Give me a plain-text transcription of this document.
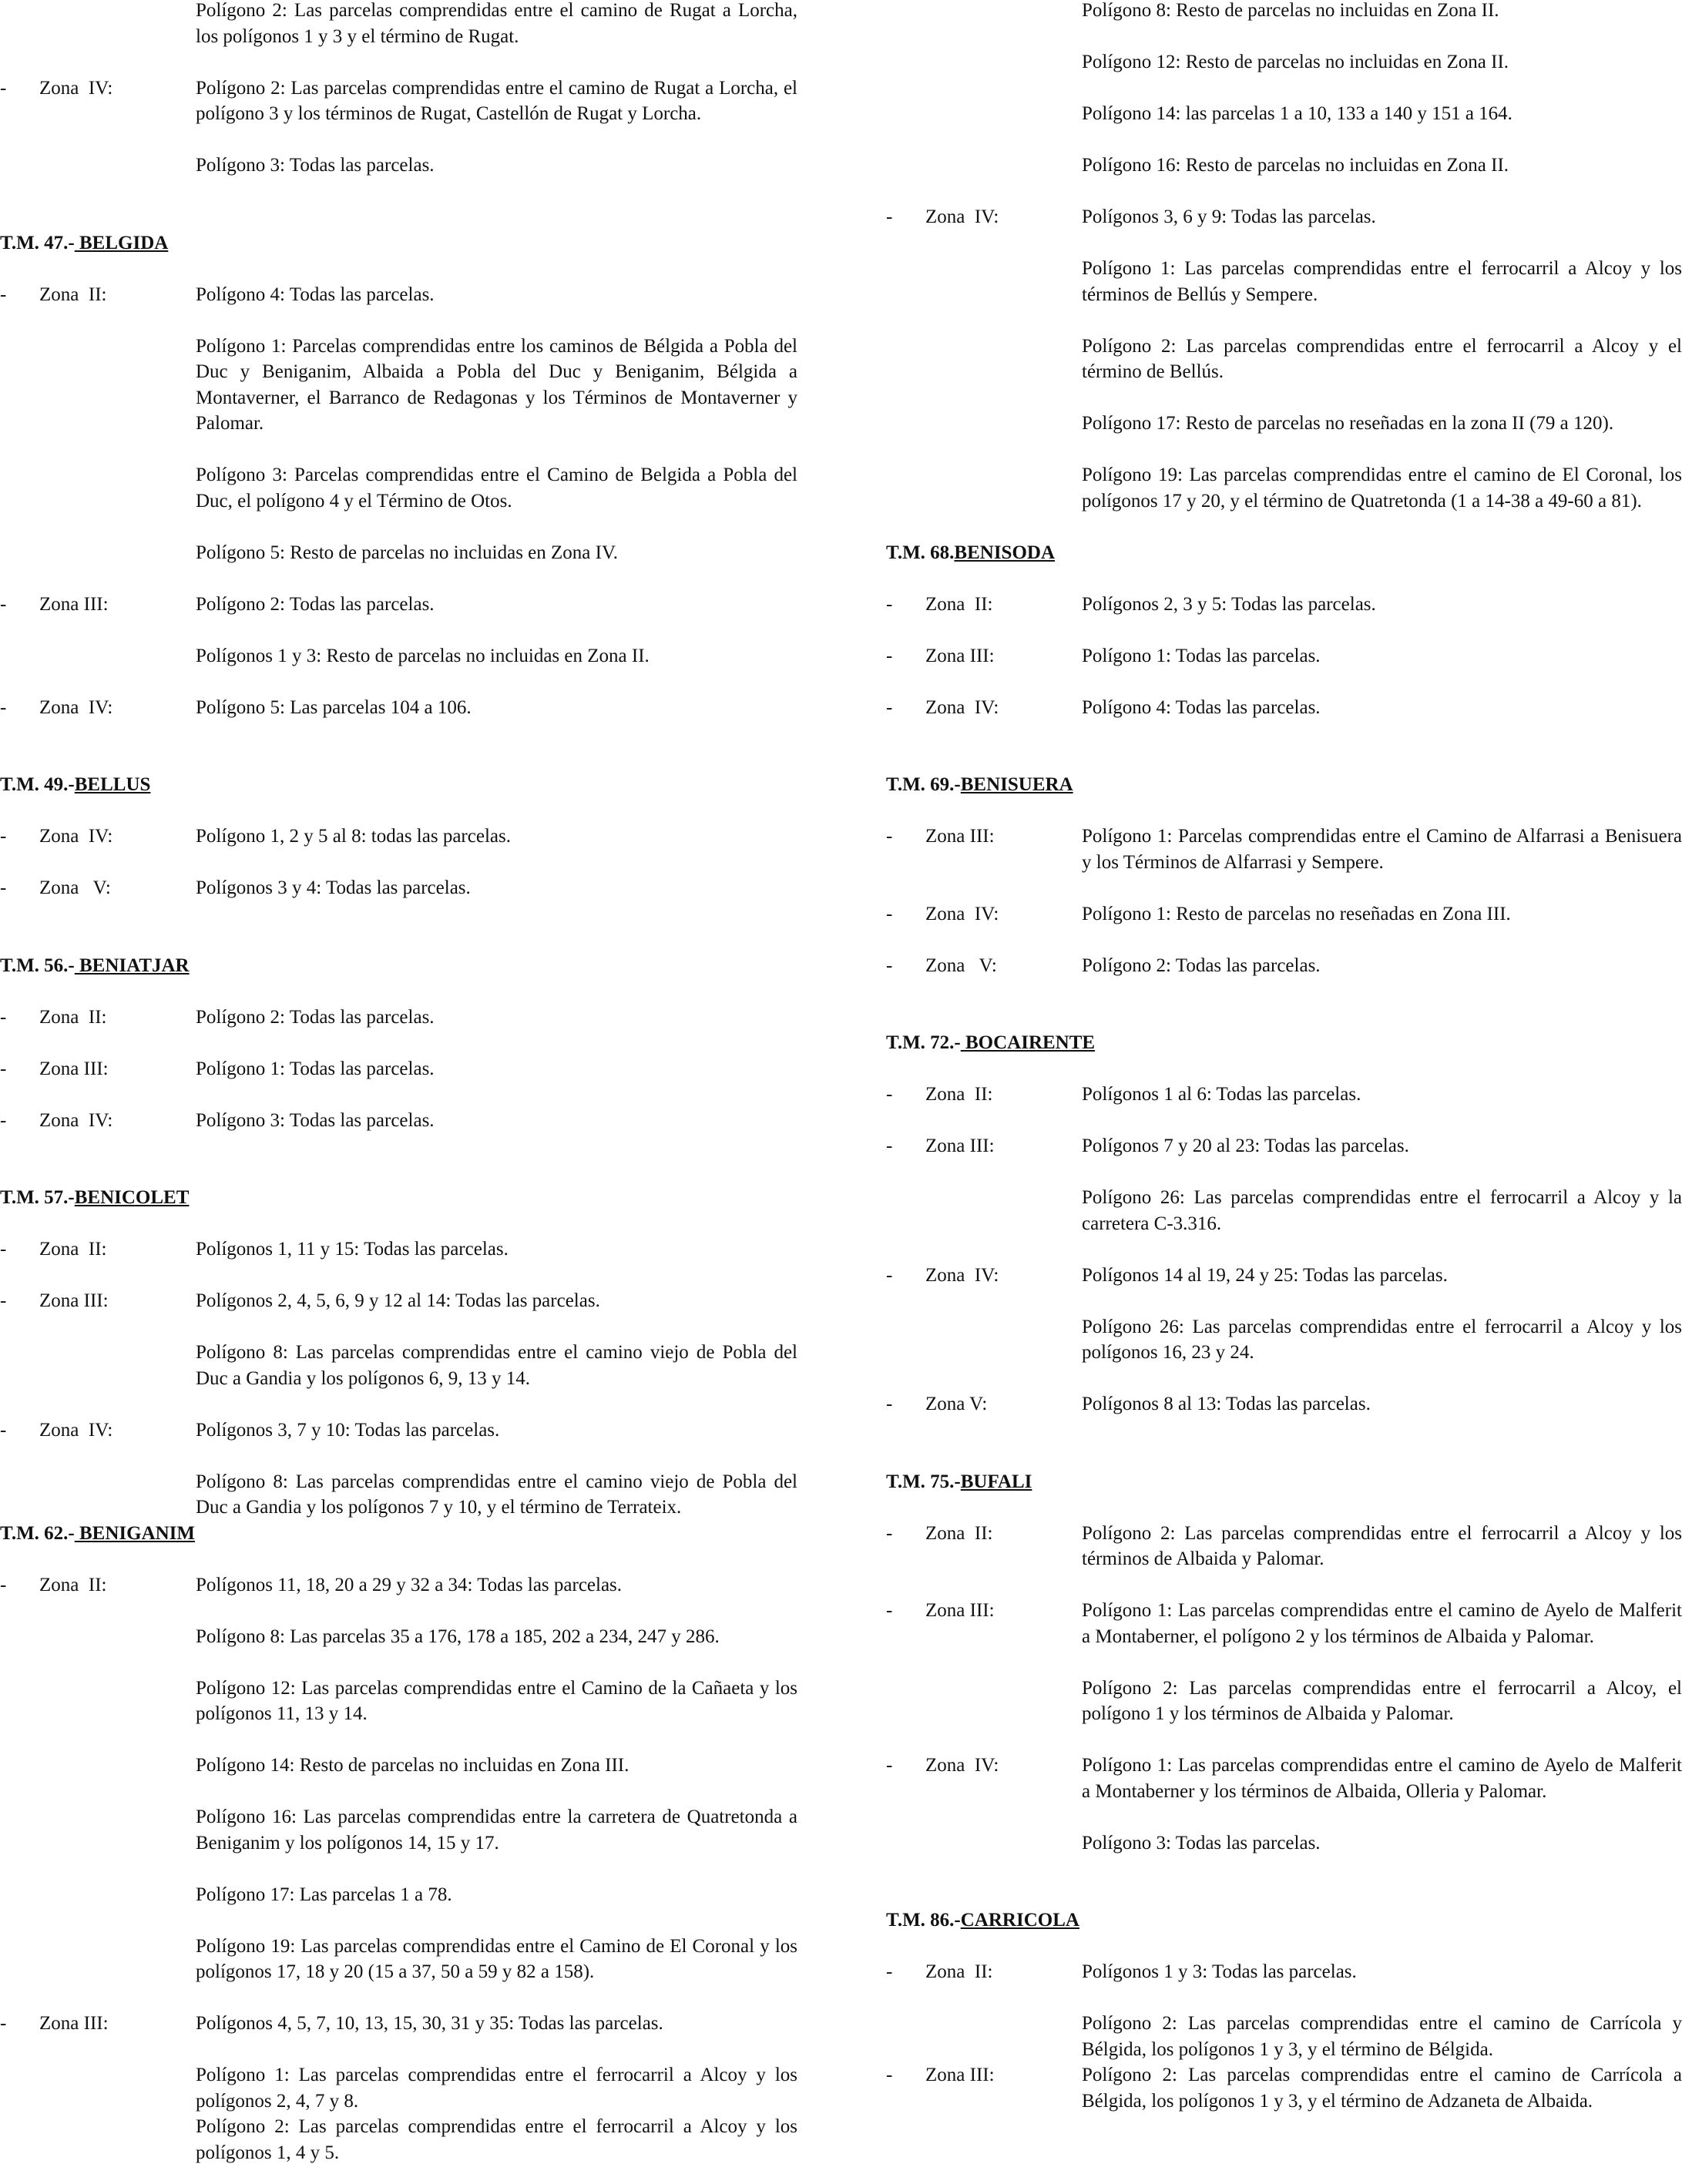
Polígono 2: Las parcelas comprendidas entre el camino de Rugat a Lorcha, los polígonos 1 y 3 y el término de Rugat.
-	Zona  IV:	Polígono 2: Las parcelas comprendidas entre el camino de Rugat a Lorcha, el polígono 3 y los términos de Rugat, Castellón de Rugat y Lorcha.
Polígono 3: Todas las parcelas.
T.M. 47.- BELGIDA
-	Zona  II:	Polígono 4: Todas las parcelas.
Polígono 1: Parcelas comprendidas entre los caminos de Bélgida a Pobla del Duc y Beniganim, Albaida a Pobla del Duc y Beniganim, Bélgida a Montaverner, el Barranco de Redagonas y los Términos de Montaverner y Palomar.
Polígono 3: Parcelas comprendidas entre el Camino de Belgida a Pobla del Duc, el polígono 4 y el Término de Otos.
Polígono 5: Resto de parcelas no incluidas en Zona IV.
-	Zona III:	Polígono 2: Todas las parcelas.
Polígonos 1 y 3: Resto de parcelas no incluidas en Zona II.
-	Zona  IV:	Polígono 5: Las parcelas 104 a 106.
T.M. 49.-BELLUS
-	Zona  IV:	Polígono 1, 2 y 5 al 8: todas las parcelas.
-	Zona   V:	Polígonos 3 y 4: Todas las parcelas.
T.M. 56.- BENIATJAR
-	Zona  II:	Polígono 2: Todas las parcelas.
-	Zona III:	Polígono 1: Todas las parcelas.
-	Zona  IV:	Polígono 3: Todas las parcelas.
T.M. 57.-BENICOLET
-	Zona  II:	Polígonos 1, 11 y 15: Todas las parcelas.
-	Zona III:	Polígonos 2, 4, 5, 6, 9 y 12 al 14: Todas las parcelas.
Polígono 8: Las parcelas comprendidas entre el camino viejo de Pobla del Duc a Gandia y los polígonos 6, 9, 13 y 14.
-	Zona  IV:	Polígonos 3, 7 y 10: Todas las parcelas.
Polígono 8: Las parcelas comprendidas entre el camino viejo de Pobla del Duc a Gandia y los polígonos 7 y 10, y el término de Terrateix.
T.M. 62.- BENIGANIM
-	Zona  II:	Polígonos 11, 18, 20 a 29 y 32 a 34: Todas las parcelas.
Polígono 8: Las parcelas 35 a 176, 178 a 185, 202 a 234, 247 y 286.
Polígono 12: Las parcelas comprendidas entre el Camino de la Cañaeta y los polígonos 11, 13 y 14.
Polígono 14: Resto de parcelas no incluidas en Zona III.
Polígono 16: Las parcelas comprendidas entre la carretera de Quatretonda a Beniganim y los polígonos 14, 15 y 17.
Polígono 17: Las parcelas 1 a 78.
Polígono 19: Las parcelas comprendidas entre el Camino de El Coronal y los polígonos 17, 18 y 20 (15 a 37, 50 a 59 y 82 a 158).
-	Zona III:	Polígonos 4, 5, 7, 10, 13, 15, 30, 31 y 35: Todas las parcelas.
Polígono 1: Las parcelas comprendidas entre el ferrocarril a Alcoy y los polígonos 2, 4, 7 y 8.
Polígono 2: Las parcelas comprendidas entre el ferrocarril a Alcoy y los polígonos 1, 4 y 5.
Polígono 8: Resto de parcelas no incluidas en Zona II.
Polígono 12: Resto de parcelas no incluidas en Zona II.
Polígono 14: las parcelas 1 a 10, 133 a 140 y 151 a 164.
Polígono 16: Resto de parcelas no incluidas en Zona II.
-	Zona  IV:	Polígonos 3, 6 y 9: Todas las parcelas.
Polígono 1: Las parcelas comprendidas entre el ferrocarril a Alcoy y los términos de Bellús y Sempere.
Polígono 2: Las parcelas comprendidas entre el ferrocarril a Alcoy y el término de Bellús.
Polígono 17: Resto de parcelas no reseñadas en la zona II (79 a 120).
Polígono 19: Las parcelas comprendidas entre el camino de El Coronal, los polígonos 17 y 20, y el término de Quatretonda (1 a 14-38 a 49-60 a 81).
T.M. 68.BENISODA
-	Zona  II:	Polígonos 2, 3 y 5: Todas las parcelas.
-	Zona III:	Polígono 1: Todas las parcelas.
-	Zona  IV:	Polígono 4: Todas las parcelas.
T.M. 69.-BENISUERA
-	Zona III:	Polígono 1: Parcelas comprendidas entre el Camino de Alfarrasi a Benisuera y los Términos de Alfarrasi y Sempere.
-	Zona  IV:	Polígono 1: Resto de parcelas no reseñadas en Zona III.
-	Zona   V:	Polígono 2: Todas las parcelas.
T.M. 72.- BOCAIRENTE
-	Zona  II:	Polígonos 1 al 6: Todas las parcelas.
-	Zona III:	Polígonos 7 y 20 al 23: Todas las parcelas.
Polígono 26: Las parcelas comprendidas entre el ferrocarril a Alcoy y la carretera C-3.316.
-	Zona  IV:	Polígonos 14 al 19, 24 y 25: Todas las parcelas.
Polígono 26: Las parcelas comprendidas entre el ferrocarril a Alcoy y los polígonos 16, 23 y 24.
-	Zona V:	Polígonos 8 al 13: Todas las parcelas.
T.M. 75.-BUFALI
-	Zona  II:	Polígono 2: Las parcelas comprendidas entre el ferrocarril a Alcoy y los términos de Albaida y Palomar.
-	Zona III:	Polígono 1: Las parcelas comprendidas entre el camino de Ayelo de Malferit a Montaberner, el polígono 2 y los términos de Albaida y Palomar.
Polígono 2: Las parcelas comprendidas entre el ferrocarril a Alcoy, el polígono 1 y los términos de Albaida y Palomar.
-	Zona  IV:	Polígono 1: Las parcelas comprendidas entre el camino de Ayelo de Malferit a Montaberner y los términos de Albaida, Olleria y Palomar.
Polígono 3: Todas las parcelas.
T.M. 86.-CARRICOLA
-	Zona  II:	Polígonos 1 y 3: Todas las parcelas.
Polígono 2: Las parcelas comprendidas entre el camino de Carrícola y Bélgida, los polígonos 1 y 3, y el término de Bélgida.
-	Zona III:	Polígono 2: Las parcelas comprendidas entre el camino de Carrícola a Bélgida, los polígonos 1 y 3, y el término de Adzaneta de Albaida.
